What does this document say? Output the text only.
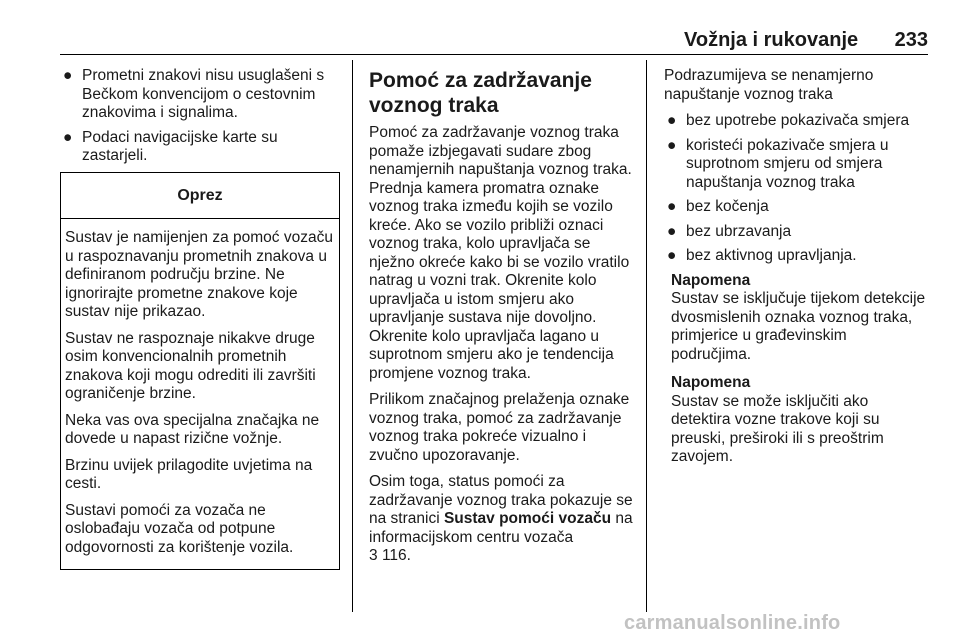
Vožnja i rukovanje 233
● Prometni znakovi nisu usuglašeni s Bečkom konvencijom o cestovnim znakovima i signalima.
● Podaci navigacijske karte su zastarjeli.
Oprez

Sustav je namijenjen za pomoć vozaču u raspoznavanju prometnih znakova u definiranom području brzine. Ne ignorirajte prometne znakove koje sustav nije prikazao.

Sustav ne raspoznaje nikakve druge osim konvencionalnih prometnih znakova koji mogu odrediti ili završiti ograničenje brzine.

Neka vas ova specijalna značajka ne dovede u napast rizične vožnje.

Brzinu uvijek prilagodite uvjetima na cesti.

Sustavi pomoći za vozača ne oslobađaju vozača od potpune odgovornosti za korištenje vozila.

Pomoć za zadržavanje voznog traka

Pomoć za zadržavanje voznog traka pomaže izbjegavati sudare zbog nenamjernih napuštanja voznog traka. Prednja kamera promatra oznake voznog traka između kojih se vozilo kreće. Ako se vozilo približi oznaci voznog traka, kolo upravljača se nježno okreće kako bi se vozilo vratilo natrag u vozni trak. Okrenite kolo upravljača u istom smjeru ako upravljanje sustava nije dovoljno. Okrenite kolo upravljača lagano u suprotnom smjeru ako je tendencija promjene voznog traka.

Prilikom značajnog prelaženja oznake voznog traka, pomoć za zadržavanje voznog traka pokreće vizualno i zvučno upozoravanje.

Osim toga, status pomoći za zadržavanje voznog traka pokazuje se na stranici Sustav pomoći vozaču na informacijskom centru vozača
3 116.

Podrazumijeva se nenamjerno napuštanje voznog traka

● bez upotrebe pokazivača smjera
● koristeći pokazivače smjera u suprotnom smjeru od smjera napuštanja voznog traka
● bez kočenja
● bez ubrzavanja
● bez aktivnog upravljanja.
Napomena
Sustav se isključuje tijekom detekcije dvosmislenih oznaka voznog traka, primjerice u građevinskim područjima.
Napomena
Sustav se može isključiti ako detektira vozne trakove koji su preuski, preširoki ili s preoštrim zavojem.
carmanualsonline.info
